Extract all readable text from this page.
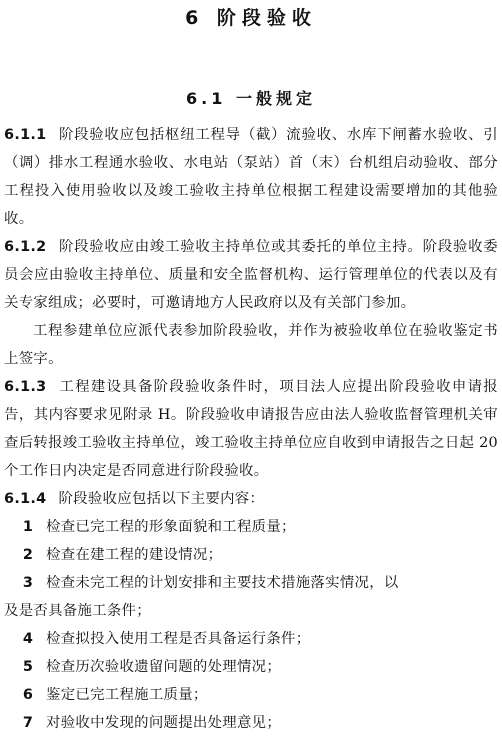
6 阶段验收
6.1 一般规定

6.1.1 阶段验收应包括枢纽工程导（截）流验收、水库下闸蓄水验收、引（调）排水工程通水验收、水电站（泵站）首（末）台机组启动验收、部分工程投入使用验收以及竣工验收主持单位根据工程建设需要增加的其他验收。

6.1.2 阶段验收应由竣工验收主持单位或其委托的单位主持。阶段验收委员会应由验收主持单位、质量和安全监督机构、运行管理单位的代表以及有关专家组成；必要时，可邀请地方人民政府以及有关部门参加。

工程参建单位应派代表参加阶段验收，并作为被验收单位在验收鉴定书上签字。

6.1.3 工程建设具备阶段验收条件时，项目法人应提出阶段验收申请报告，其内容要求见附录 H。阶段验收申请报告应由法人验收监督管理机关审查后转报竣工验收主持单位，竣工验收主持单位应自收到申请报告之日起 20 个工作日内决定是否同意进行阶段验收。

6.1.4 阶段验收应包括以下主要内容：

1 检查已完工程的形象面貌和工程质量；

2 检查在建工程的建设情况；

3 检查未完工程的计划安排和主要技术措施落实情况，以

及是否具备施工条件；

4 检查拟投入使用工程是否具备运行条件；

5 检查历次验收遗留问题的处理情况；

6 鉴定已完工程施工质量；

7 对验收中发现的问题提出处理意见；
